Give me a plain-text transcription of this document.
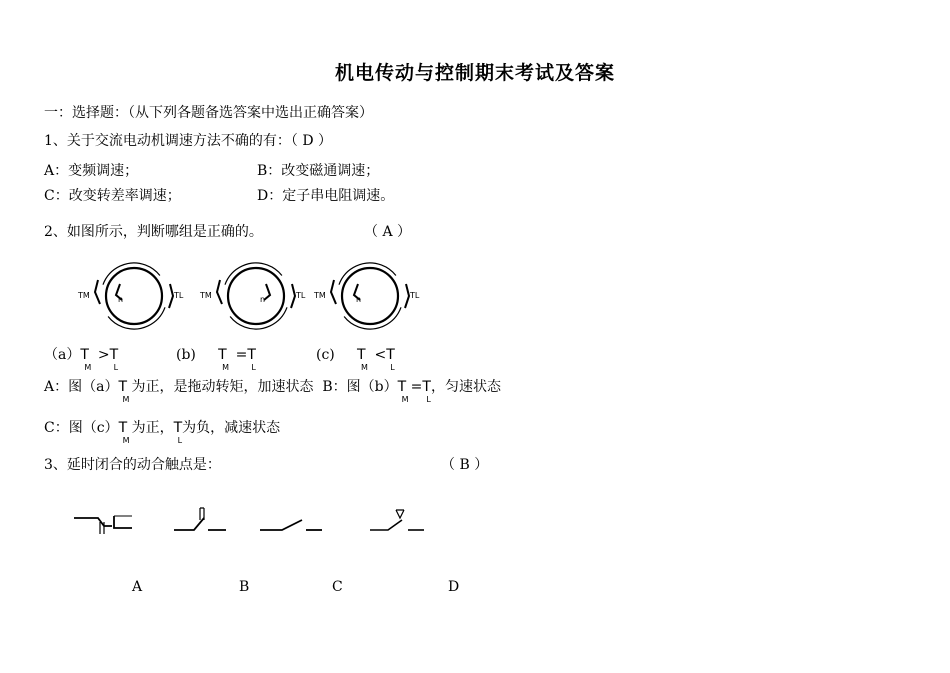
机电传动与控制期末考试及答案
一：选择题：（从下列各题备选答案中选出正确答案）
1、关于交流电动机调速方法不确的有：（ D ）
A：变频调速；	B：改变磁通调速；
C：改变转差率调速；	D：定子串电阻调速。
2、如图所示，判断哪组是正确的。	（ A ）
TM	TL
n	TM	TL
n	TM	TL
n
（a）T
M
>T
L
(b) T
M
=T
L
(c) T
M
<T
L
A：图（a）T
M
为正，是拖动转矩，加速状态 B：图（b）T
M
=T
L
，匀速状态
C：图（c）T
M
为正，T
L
为负，减速状态
3、延时闭合的动合触点是：	（ B ）
A	B	C	D
